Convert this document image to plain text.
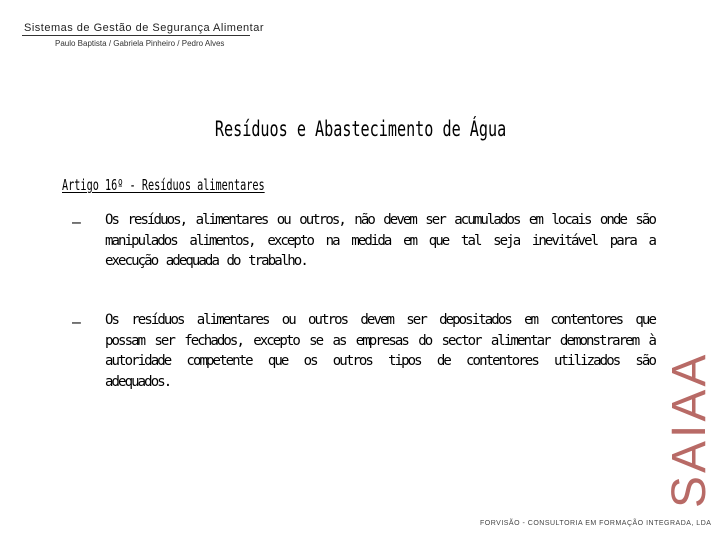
Sistemas de Gestão de Segurança Alimentar
Paulo Baptista / Gabriela Pinheiro / Pedro Alves
Resíduos e Abastecimento de Água
Artigo 16º - Resíduos alimentares
–	Os resíduos, alimentares ou outros, não devem ser acumulados em locais onde são manipulados alimentos, excepto na medida em que tal seja inevitável para a execução adequada do trabalho.

–	Os resíduos alimentares ou outros devem ser depositados em contentores que possam ser fechados, excepto se as empresas do sector alimentar demonstrarem à autoridade competente que os outros tipos de contentores utilizados são adequados.	SAIAA
FORVISÃO - CONSULTORIA EM FORMAÇÃO INTEGRADA, LDA
